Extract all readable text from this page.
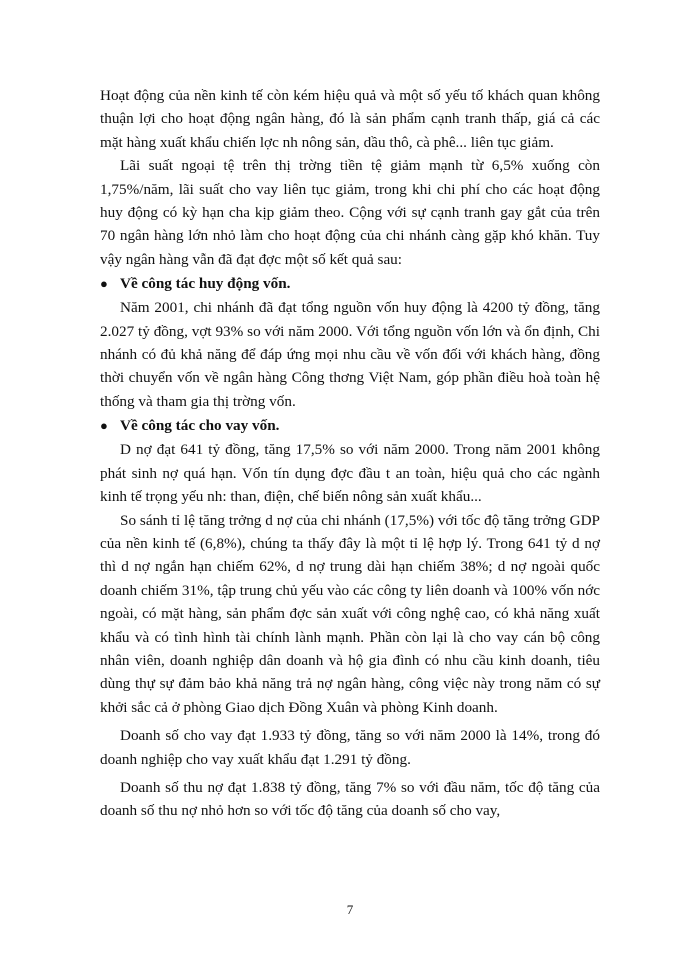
Hoạt động của nền kinh tế còn kém hiệu quả và một số yếu tố khách quan không thuận lợi cho hoạt động ngân hàng, đó là sản phẩm cạnh tranh thấp, giá cả các mặt hàng xuất khẩu chiến lợc nh nông sản, dầu thô, cà phê... liên tục giảm.

Lãi suất ngoại tệ trên thị trờng tiền tệ giảm mạnh từ 6,5% xuống còn 1,75%/năm, lãi suất cho vay liên tục giảm, trong khi chi phí cho các hoạt động huy động có kỳ hạn cha kịp giảm theo. Cộng với sự cạnh tranh gay gắt của trên 70 ngân hàng lớn nhỏ làm cho hoạt động của chi nhánh càng gặp khó khăn. Tuy vậy ngân hàng vẫn đã đạt đợc một số kết quả sau:

● Về công tác huy động vốn.

Năm 2001, chi nhánh đã đạt tổng nguồn vốn huy động là 4200 tỷ đồng, tăng 2.027 tỷ đồng, vợt 93% so với năm 2000. Với tổng nguồn vốn lớn và ổn định, Chi nhánh có đủ khả năng để đáp ứng mọi nhu cầu về vốn đối với khách hàng, đồng thời chuyển vốn về ngân hàng Công thơng Việt Nam, góp phần điều hoà toàn hệ thống và tham gia thị trờng vốn.

● Về công tác cho vay vốn.

D nợ đạt 641 tỷ đồng, tăng 17,5% so với năm 2000. Trong năm 2001 không phát sinh nợ quá hạn. Vốn tín dụng đợc đầu t an toàn, hiệu quả cho các ngành kinh tế trọng yếu nh: than, điện, chế biến nông sản xuất khẩu...

So sánh tỉ lệ tăng trởng d nợ của chi nhánh (17,5%) với tốc độ tăng trởng GDP của nền kinh tế (6,8%), chúng ta thấy đây là một tỉ lệ hợp lý. Trong 641 tỷ d nợ thì d nợ ngắn hạn chiếm 62%, d nợ trung dài hạn chiếm 38%; d nợ ngoài quốc doanh chiếm 31%, tập trung chủ yếu vào các công ty liên doanh và 100% vốn nớc ngoài, có mặt hàng, sản phẩm đợc sản xuất với công nghệ cao, có khả năng xuất khẩu và có tình hình tài chính lành mạnh. Phần còn lại là cho vay cán bộ công nhân viên, doanh nghiệp dân doanh và hộ gia đình có nhu cầu kinh doanh, tiêu dùng thự sự đảm bảo khả năng trả nợ ngân hàng, công việc này trong năm có sự khởi sắc cả ở phòng Giao dịch Đồng Xuân và phòng Kinh doanh.

Doanh số cho vay đạt 1.933 tỷ đồng, tăng so với năm 2000 là 14%, trong đó doanh nghiệp cho vay xuất khẩu đạt 1.291 tỷ đồng.

Doanh số thu nợ đạt 1.838 tỷ đồng, tăng 7% so với đầu năm, tốc độ tăng của doanh số thu nợ nhỏ hơn so với tốc độ tăng của doanh số cho vay,

7
